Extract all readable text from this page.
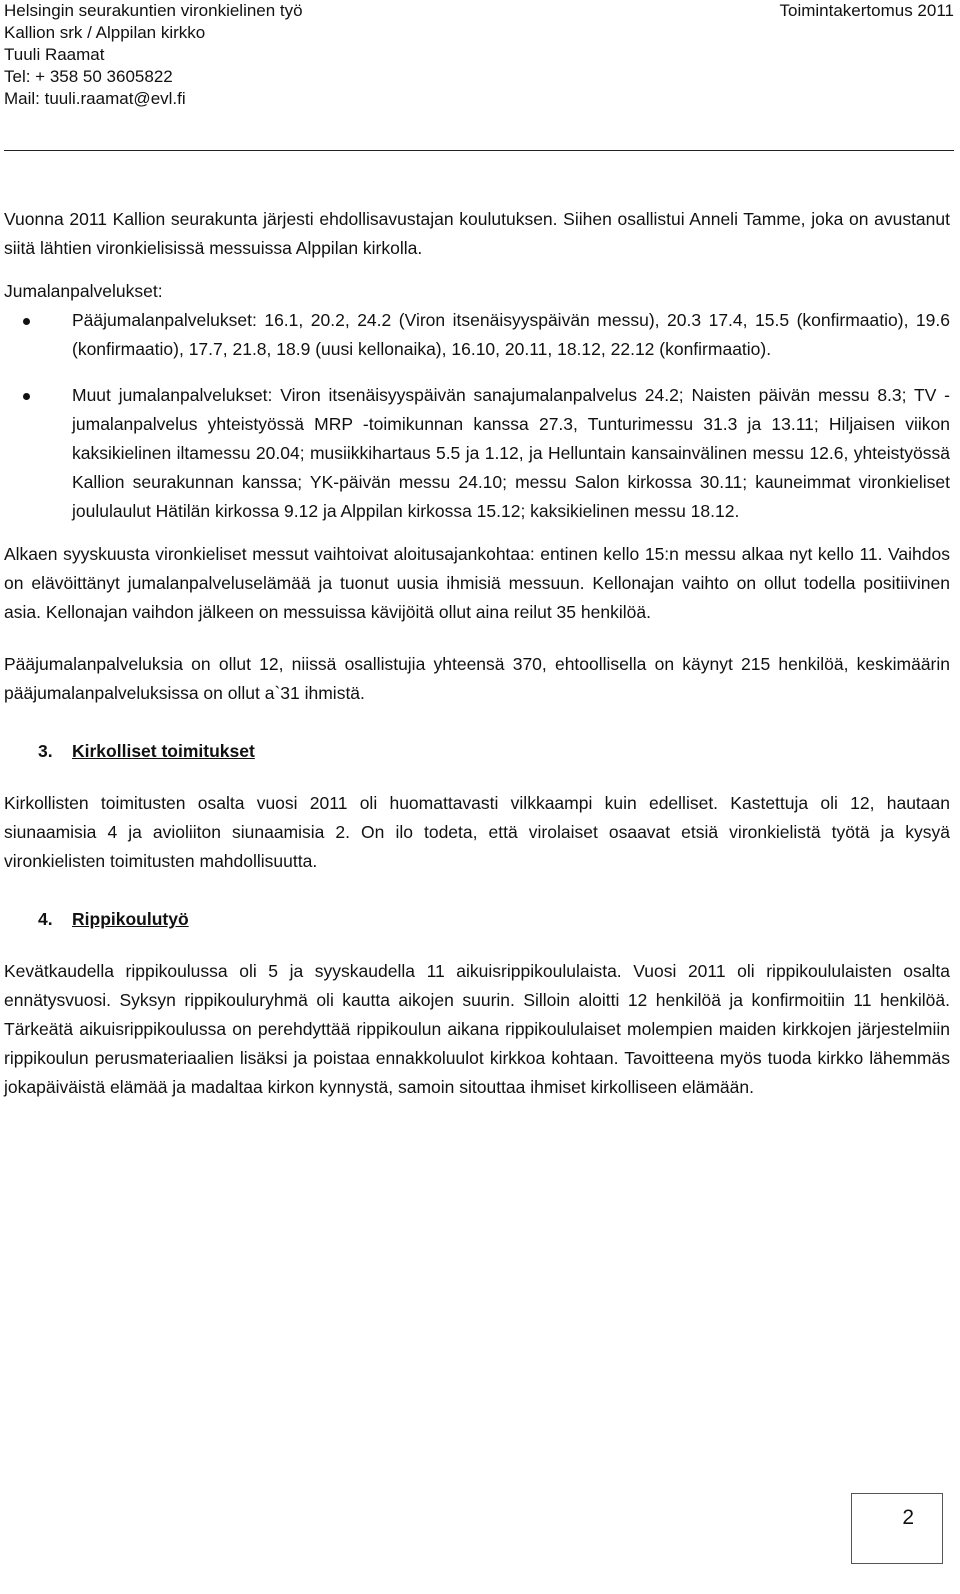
Helsingin seurakuntien vironkielinen työ	Toimintakertomus 2011
Kallion srk / Alppilan kirkko
Tuuli Raamat
Tel: + 358 50 3605822
Mail: tuuli.raamat@evl.fi

Vuonna 2011 Kallion seurakunta järjesti ehdollisavustajan koulutuksen. Siihen osallistui Anneli Tamme, joka on avustanut siitä lähtien vironkielisissä messuissa Alppilan kirkolla.

Jumalanpalvelukset:

Pääjumalanpalvelukset: 16.1, 20.2, 24.2 (Viron itsenäisyyspäivän messu), 20.3 17.4, 15.5 (konfirmaatio), 19.6 (konfirmaatio), 17.7, 21.8, 18.9 (uusi kellonaika), 16.10, 20.11, 18.12, 22.12 (konfirmaatio).

Muut jumalanpalvelukset: Viron itsenäisyyspäivän sanajumalanpalvelus 24.2; Naisten päivän messu 8.3; TV -jumalanpalvelus yhteistyössä MRP -toimikunnan kanssa 27.3, Tunturimessu 31.3 ja 13.11; Hiljaisen viikon kaksikielinen iltamessu 20.04; musiikkihartaus 5.5 ja 1.12, ja Helluntain kansainvälinen messu 12.6, yhteistyössä Kallion seurakunnan kanssa; YK-päivän messu 24.10; messu Salon kirkossa 30.11; kauneimmat vironkieliset joululaulut Hätilän kirkossa 9.12 ja Alppilan kirkossa 15.12; kaksikielinen messu 18.12.

Alkaen syyskuusta vironkieliset messut vaihtoivat aloitusajankohtaa: entinen kello 15:n messu alkaa nyt kello 11. Vaihdos on elävöittänyt jumalanpalveluselämää ja tuonut uusia ihmisiä messuun. Kellonajan vaihto on ollut todella positiivinen asia. Kellonajan vaihdon jälkeen on messuissa kävijöitä ollut aina reilut 35 henkilöä.

Pääjumalanpalveluksia on ollut 12, niissä osallistujia yhteensä 370, ehtoollisella on käynyt 215 henkilöä, keskimäärin pääjumalanpalveluksissa on ollut a`31 ihmistä.

3. Kirkolliset toimitukset

Kirkollisten toimitusten osalta vuosi 2011 oli huomattavasti vilkkaampi kuin edelliset. Kastettuja oli 12, hautaan siunaamisia 4 ja avioliiton siunaamisia 2. On ilo todeta, että virolaiset osaavat etsiä vironkielistä työtä ja kysyä vironkielisten toimitusten mahdollisuutta.

4. Rippikoulutyö

Kevätkaudella rippikoulussa oli 5 ja syyskaudella 11 aikuisrippikoululaista. Vuosi 2011 oli rippikoululaisten osalta ennätysvuosi. Syksyn rippikouluryhmä oli kautta aikojen suurin. Silloin aloitti 12 henkilöä ja konfirmoitiin 11 henkilöä. Tärkeätä aikuisrippikoulussa on perehdyttää rippikoulun aikana rippikoululaiset molempien maiden kirkkojen järjestelmiin rippikoulun perusmateriaalien lisäksi ja poistaa ennakkoluulot kirkkoa kohtaan. Tavoitteena myös tuoda kirkko lähemmäs jokapäiväistä elämää ja madaltaa kirkon kynnystä, samoin sitouttaa ihmiset kirkolliseen elämään.

2
